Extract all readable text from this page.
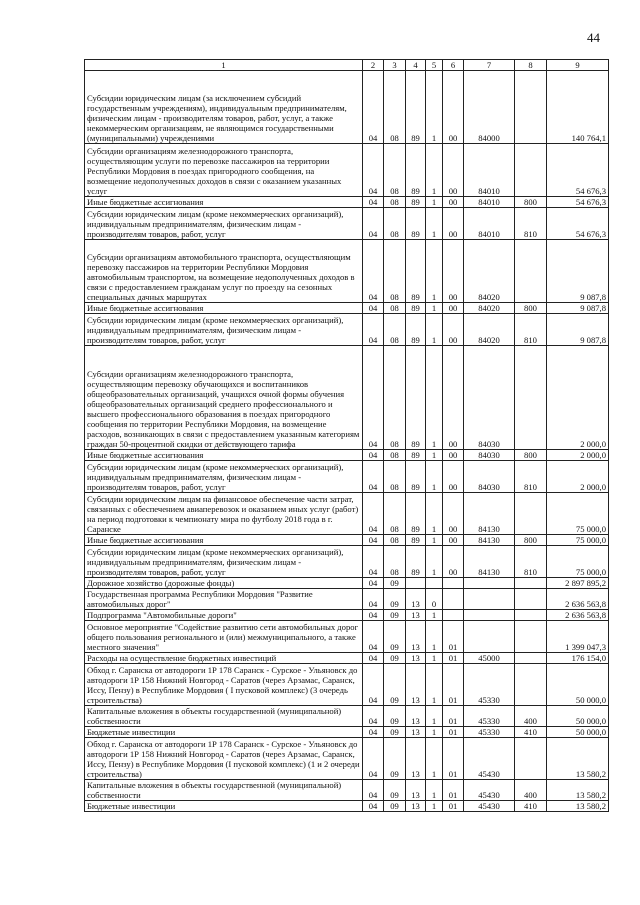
44
1	2	3	4	5	6	7	8	9
Субсидии юридическим лицам (за исключением субсидий государственным учреждениям), индивидуальным предпринимателям, физическим лицам - производителям товаров, работ, услуг, а также некоммерческим организациям, не являющимся государственными (муниципальными) учреждениями	04	08	89	1	00	84000		140 764,1
Субсидии организациям железнодорожного транспорта, осуществляющим услуги по перевозке пассажиров на территории Республики Мордовия в поездах пригородного сообщения, на возмещение недополученных доходов в связи с оказанием указанных услуг	04	08	89	1	00	84010		54 676,3
Иные бюджетные ассигнования	04	08	89	1	00	84010	800	54 676,3
Субсидии юридическим лицам (кроме некоммерческих организаций), индивидуальным предпринимателям, физическим лицам - производителям товаров, работ, услуг	04	08	89	1	00	84010	810	54 676,3
Субсидии организациям автомобильного транспорта, осуществляющим перевозку пассажиров на территории Республики Мордовия автомобильным транспортом, на возмещение недополученных доходов в связи с предоставлением гражданам услуг по проезду на сезонных специальных дачных маршрутах	04	08	89	1	00	84020		9 087,8
Иные бюджетные ассигнования	04	08	89	1	00	84020	800	9 087,8
Субсидии юридическим лицам (кроме некоммерческих организаций), индивидуальным предпринимателям, физическим лицам - производителям товаров, работ, услуг	04	08	89	1	00	84020	810	9 087,8
Субсидии организациям железнодорожного транспорта, осуществляющим перевозку обучающихся и воспитанников общеобразовательных организаций, учащихся очной формы обучения общеобразовательных организаций среднего профессионального и высшего профессионального образования в поездах пригородного сообщения по территории Республики Мордовия, на возмещение расходов, возникающих в связи с предоставлением указанным категориям граждан 50-процентной скидки от действующего тарифа	04	08	89	1	00	84030		2 000,0
Иные бюджетные ассигнования	04	08	89	1	00	84030	800	2 000,0
Субсидии юридическим лицам (кроме некоммерческих организаций), индивидуальным предпринимателям, физическим лицам - производителям товаров, работ, услуг	04	08	89	1	00	84030	810	2 000,0
Субсидии юридическим лицам на финансовое обеспечение части затрат, связанных с обеспечением авиаперевозок и оказанием иных услуг (работ) на период подготовки к чемпионату мира по футболу 2018 года в г. Саранске	04	08	89	1	00	84130		75 000,0
Иные бюджетные ассигнования	04	08	89	1	00	84130	800	75 000,0
Субсидии юридическим лицам (кроме некоммерческих организаций), индивидуальным предпринимателям, физическим лицам - производителям товаров, работ, услуг	04	08	89	1	00	84130	810	75 000,0
Дорожное хозяйство (дорожные фонды)	04	09						2 897 895,2
Государственная программа Республики Мордовия "Развитие автомобильных дорог"	04	09	13	0				2 636 563,8
Подпрограмма "Автомобильные дороги"	04	09	13	1				2 636 563,8
Основное мероприятие "Содействие развитию сети автомобильных дорог общего пользования регионального и (или) межмуниципального, а также местного значения"	04	09	13	1	01			1 399 047,3
Расходы на осуществление бюджетных инвестиций	04	09	13	1	01	45000		176 154,0
Обход г. Саранска от автодороги 1Р 178 Саранск - Сурское - Ульяновск до автодороги 1Р 158 Нижний Новгород - Саратов (через Арзамас, Саранск, Исcу, Пензу) в Республике Мордовия ( I пусковой комплекс) (3 очередь строительства)	04	09	13	1	01	45330		50 000,0
Капитальные вложения в объекты государственной (муниципальной) собственности	04	09	13	1	01	45330	400	50 000,0
Бюджетные инвестиции	04	09	13	1	01	45330	410	50 000,0
Обход г. Саранска от автодороги 1Р 178 Саранск - Сурское - Ульяновск до автодороги 1Р 158 Нижний Новгород - Саратов (через Арзамас, Саранск, Исcу, Пензу) в Республике Мордовия (I пусковой комплекс) (1 и 2 очереди строительства)	04	09	13	1	01	45430		13 580,2
Капитальные вложения в объекты государственной (муниципальной) собственности	04	09	13	1	01	45430	400	13 580,2
Бюджетные инвестиции	04	09	13	1	01	45430	410	13 580,2
